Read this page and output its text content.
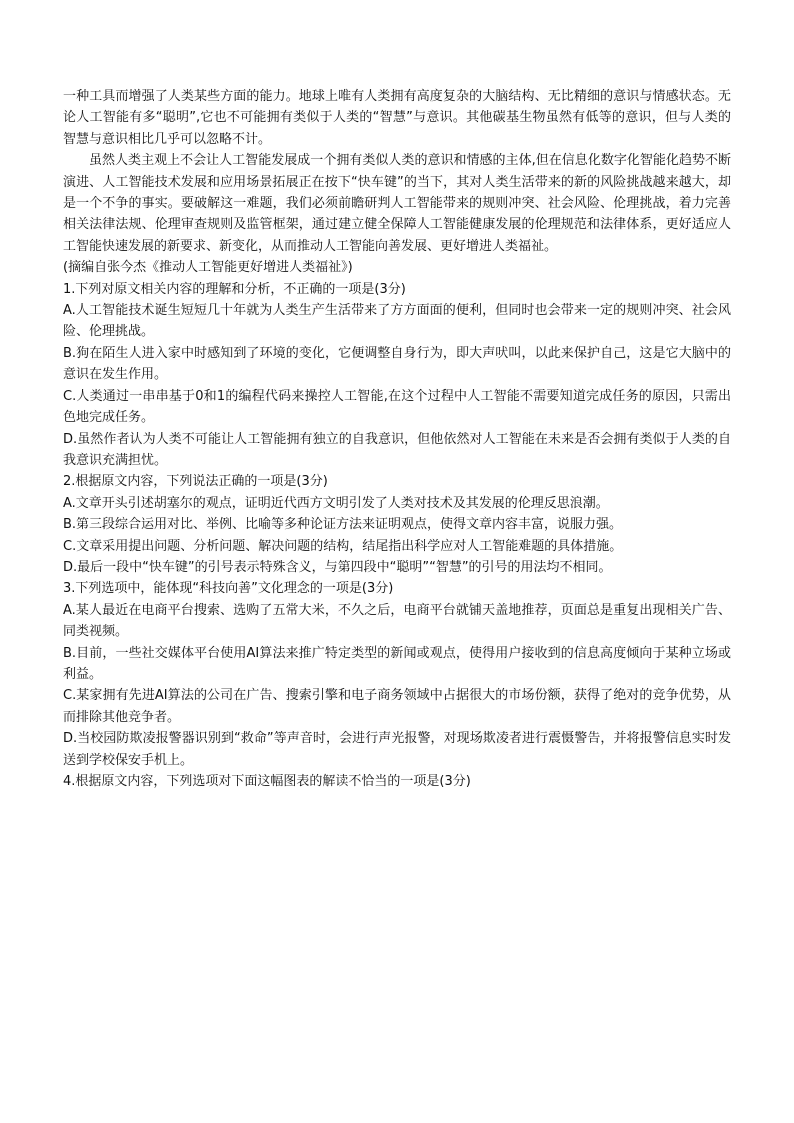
一种工具而增强了人类某些方面的能力。地球上唯有人类拥有高度复杂的大脑结构、无比精细的意识与情感状态。无论人工智能有多“聪明”,它也不可能拥有类似于人类的“智慧”与意识。其他碳基生物虽然有低等的意识，但与人类的智慧与意识相比几乎可以忽略不计。

虽然人类主观上不会让人工智能发展成一个拥有类似人类的意识和情感的主体,但在信息化数字化智能化趋势不断演进、人工智能技术发展和应用场景拓展正在按下“快车键”的当下，其对人类生活带来的新的风险挑战越来越大，却是一个不争的事实。要破解这一难题，我们必须前瞻研判人工智能带来的规则冲突、社会风险、伦理挑战，着力完善相关法律法规、伦理审查规则及监管框架，通过建立健全保障人工智能健康发展的伦理规范和法律体系，更好适应人工智能快速发展的新要求、新变化，从而推动人工智能向善发展、更好增进人类福祉。

(摘编自张今杰《推动人工智能更好增进人类福祉》)

1.下列对原文相关内容的理解和分析，不正确的一项是(3分)

A.人工智能技术诞生短短几十年就为人类生产生活带来了方方面面的便利，但同时也会带来一定的规则冲突、社会风险、伦理挑战。

B.狗在陌生人进入家中时感知到了环境的变化，它便调整自身行为，即大声吠叫，以此来保护自己，这是它大脑中的意识在发生作用。

C.人类通过一串串基于0和1的编程代码来操控人工智能,在这个过程中人工智能不需要知道完成任务的原因，只需出色地完成任务。

D.虽然作者认为人类不可能让人工智能拥有独立的自我意识，但他依然对人工智能在未来是否会拥有类似于人类的自我意识充满担忧。

2.根据原文内容，下列说法正确的一项是(3分)

A.文章开头引述胡塞尔的观点，证明近代西方文明引发了人类对技术及其发展的伦理反思浪潮。

B.第三段综合运用对比、举例、比喻等多种论证方法来证明观点，使得文章内容丰富，说服力强。

C.文章采用提出问题、分析问题、解决问题的结构，结尾指出科学应对人工智能难题的具体措施。

D.最后一段中“快车键”的引号表示特殊含义，与第四段中“聪明”“智慧”的引号的用法均不相同。

3.下列选项中，能体现“科技向善”文化理念的一项是(3分)

A.某人最近在电商平台搜索、选购了五常大米，不久之后，电商平台就铺天盖地推荐，页面总是重复出现相关广告、同类视频。

B.目前，一些社交媒体平台使用AI算法来推广特定类型的新闻或观点，使得用户接收到的信息高度倾向于某种立场或利益。

C.某家拥有先进AI算法的公司在广告、搜索引擎和电子商务领域中占据很大的市场份额，获得了绝对的竞争优势，从而排除其他竞争者。

D.当校园防欺凌报警器识别到“救命”等声音时，会进行声光报警，对现场欺凌者进行震慑警告，并将报警信息实时发送到学校保安手机上。

4.根据原文内容，下列选项对下面这幅图表的解读不恰当的一项是(3分)
